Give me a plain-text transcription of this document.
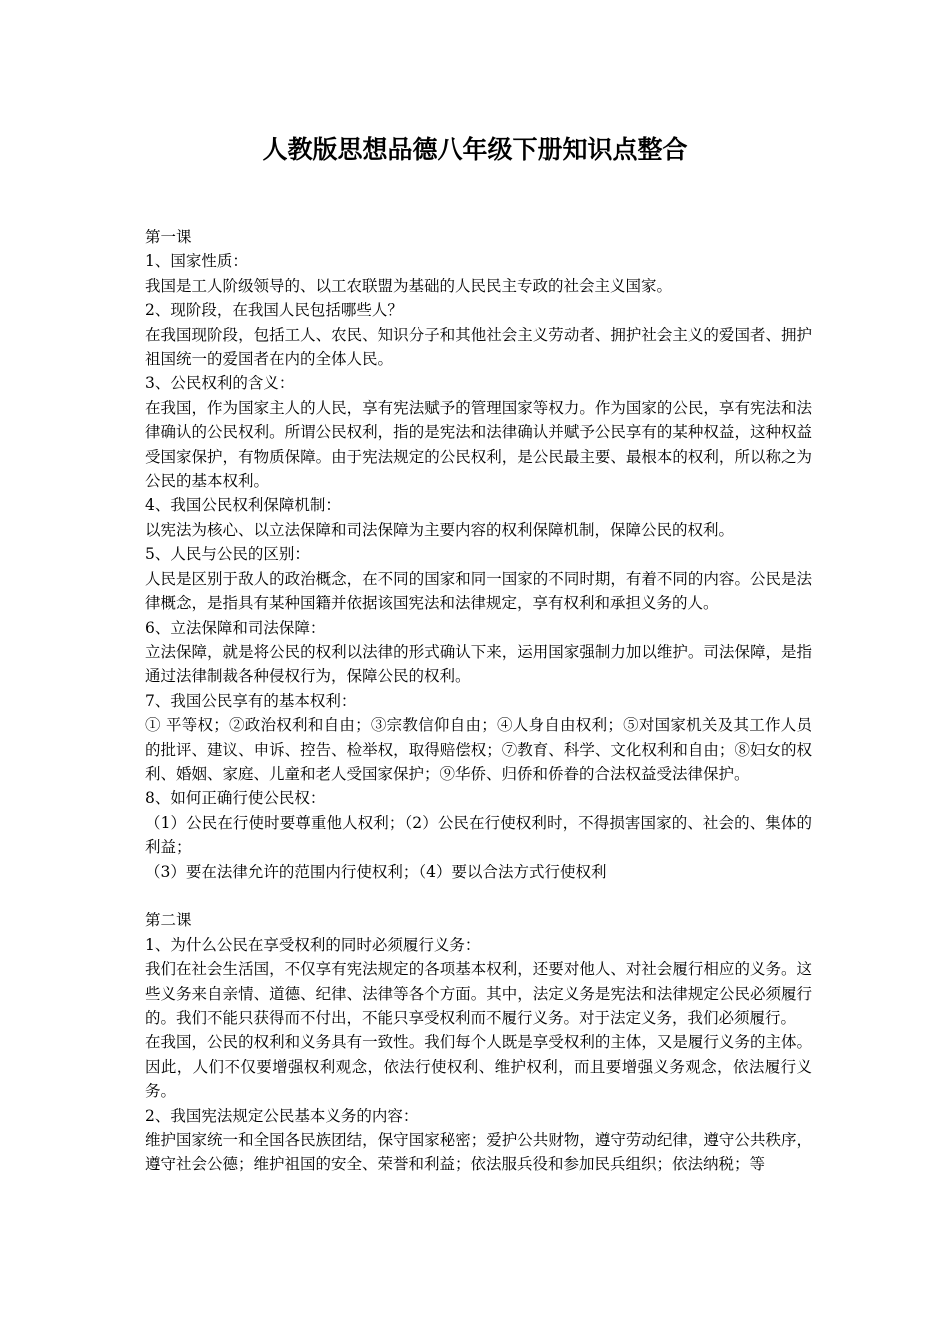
人教版思想品德八年级下册知识点整合

第一课

1、国家性质：

我国是工人阶级领导的、以工农联盟为基础的人民民主专政的社会主义国家。

2、现阶段，在我国人民包括哪些人？

在我国现阶段，包括工人、农民、知识分子和其他社会主义劳动者、拥护社会主义的爱国者、拥护祖国统一的爱国者在内的全体人民。

3、公民权利的含义：

在我国，作为国家主人的人民，享有宪法赋予的管理国家等权力。作为国家的公民，享有宪法和法律确认的公民权利。所谓公民权利，指的是宪法和法律确认并赋予公民享有的某种权益，这种权益受国家保护，有物质保障。由于宪法规定的公民权利，是公民最主要、最根本的权利，所以称之为公民的基本权利。

4、我国公民权利保障机制：

以宪法为核心、以立法保障和司法保障为主要内容的权利保障机制，保障公民的权利。

5、人民与公民的区别：

人民是区别于敌人的政治概念，在不同的国家和同一国家的不同时期，有着不同的内容。公民是法律概念，是指具有某种国籍并依据该国宪法和法律规定，享有权利和承担义务的人。

6、立法保障和司法保障：

立法保障，就是将公民的权利以法律的形式确认下来，运用国家强制力加以维护。司法保障，是指通过法律制裁各种侵权行为，保障公民的权利。

7、我国公民享有的基本权利：

① 平等权；②政治权利和自由；③宗教信仰自由；④人身自由权利；⑤对国家机关及其工作人员的批评、建议、申诉、控告、检举权，取得赔偿权；⑦教育、科学、文化权利和自由；⑧妇女的权利、婚姻、家庭、儿童和老人受国家保护；⑨华侨、归侨和侨眷的合法权益受法律保护。

8、如何正确行使公民权：

（1）公民在行使时要尊重他人权利；（2）公民在行使权利时，不得损害国家的、社会的、集体的利益；

（3）要在法律允许的范围内行使权利；（4）要以合法方式行使权利

第二课

1、为什么公民在享受权利的同时必须履行义务：

我们在社会生活国，不仅享有宪法规定的各项基本权利，还要对他人、对社会履行相应的义务。这些义务来自亲情、道德、纪律、法律等各个方面。其中，法定义务是宪法和法律规定公民必须履行的。我们不能只获得而不付出，不能只享受权利而不履行义务。对于法定义务，我们必须履行。

在我国，公民的权利和义务具有一致性。我们每个人既是享受权利的主体，又是履行义务的主体。因此，人们不仅要增强权利观念，依法行使权利、维护权利，而且要增强义务观念，依法履行义务。

2、我国宪法规定公民基本义务的内容：

维护国家统一和全国各民族团结，保守国家秘密；爱护公共财物，遵守劳动纪律，遵守公共秩序，遵守社会公德；维护祖国的安全、荣誉和利益；依法服兵役和参加民兵组织；依法纳税；等
